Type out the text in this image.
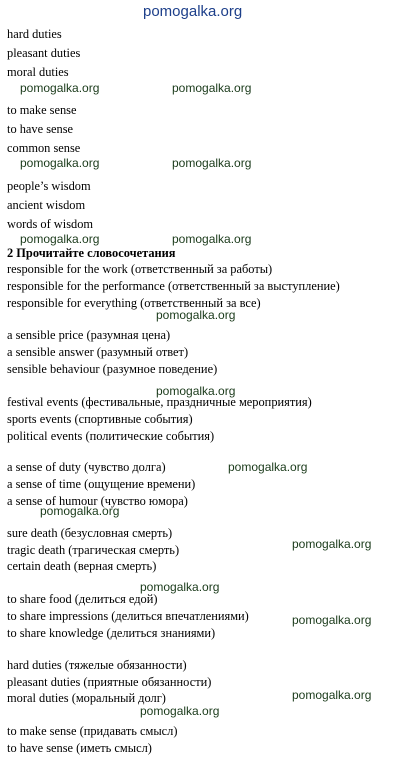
pomogalka.org
hard duties
pleasant duties
moral duties
to make sense
to have sense
common sense
people’s wisdom
ancient wisdom
words of wisdom
2 Прочитайте словосочетания
responsible for the work (ответственный за работы)
responsible for the performance (ответственный за выступление)
responsible for everything (ответственный за все)
a sensible price (разумная цена)
a sensible answer (разумный ответ)
sensible behaviour (разумное поведение)
festival events (фестивальные, праздничные мероприятия)
sports events (спортивные события)
political events (политические события)
a sense of duty (чувство долга)
a sense of time (ощущение времени)
a sense of humour (чувство юмора)
sure death (безусловная смерть)
tragic death (трагическая смерть)
certain death (верная смерть)
to share food (делиться едой)
to share impressions (делиться впечатлениями)
to share knowledge (делиться знаниями)
hard duties (тяжелые обязанности)
pleasant duties (приятные обязанности)
moral duties (моральный долг)
to make sense (придавать смысл)
to have sense (иметь смысл)
pomogalka.org	pomogalka.org
pomogalka.org	pomogalka.org
pomogalka.org	pomogalka.org
pomogalka.org
pomogalka.org
pomogalka.org
pomogalka.org
pomogalka.org
pomogalka.org
pomogalka.org
pomogalka.org
pomogalka.org
